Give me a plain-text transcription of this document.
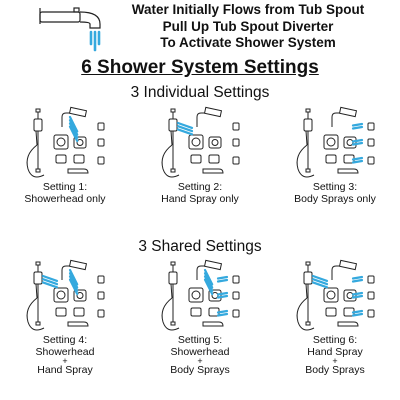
Water Initially Flows from Tub Spout
Pull Up Tub Spout Diverter
To Activate Shower System
6 Shower System Settings
3 Individual Settings
3 Shared Settings
Setting 1:
Showerhead only
Setting 2:
Hand Spray only
Setting 3:
Body Sprays only
Setting 4:
Showerhead
+
Hand Spray
Setting 5:
Showerhead
+
Body Sprays
Setting 6:
Hand Spray
+
Body Sprays
